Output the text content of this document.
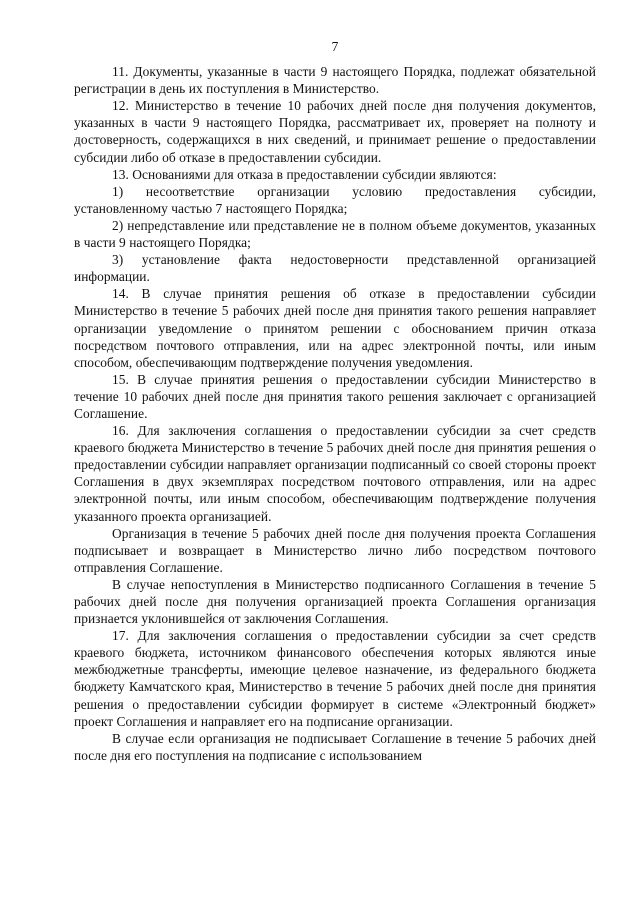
7

11. Документы, указанные в части 9 настоящего Порядка, подлежат обязательной регистрации в день их поступления в Министерство.

12. Министерство в течение 10 рабочих дней после дня получения документов, указанных в части 9 настоящего Порядка, рассматривает их, проверяет на полноту и достоверность, содержащихся в них сведений, и принимает решение о предоставлении субсидии либо об отказе в предоставлении субсидии.

13. Основаниями для отказа в предоставлении субсидии являются:

1) несоответствие организации условию предоставления субсидии, установленному частью 7 настоящего Порядка;

2) непредставление или представление не в полном объеме документов, указанных в части 9 настоящего Порядка;

3) установление факта недостоверности представленной организацией информации.

14. В случае принятия решения об отказе в предоставлении субсидии Министерство в течение 5 рабочих дней после дня принятия такого решения направляет организации уведомление о принятом решении с обоснованием причин отказа посредством почтового отправления, или на адрес электронной почты, или иным способом, обеспечивающим подтверждение получения уведомления.

15. В случае принятия решения о предоставлении субсидии Министерство в течение 10 рабочих дней после дня принятия такого решения заключает с организацией Соглашение.

16. Для заключения соглашения о предоставлении субсидии за счет средств краевого бюджета Министерство в течение 5 рабочих дней после дня принятия решения о предоставлении субсидии направляет организации подписанный со своей стороны проект Соглашения в двух экземплярах посредством почтового отправления, или на адрес электронной почты, или иным способом, обеспечивающим подтверждение получения указанного проекта организацией.

Организация в течение 5 рабочих дней после дня получения проекта Соглашения подписывает и возвращает в Министерство лично либо посредством почтового отправления Соглашение.

В случае непоступления в Министерство подписанного Соглашения в течение 5 рабочих дней после дня получения организацией проекта Соглашения организация признается уклонившейся от заключения Соглашения.

17. Для заключения соглашения о предоставлении субсидии за счет средств краевого бюджета, источником финансового обеспечения которых являются иные межбюджетные трансферты, имеющие целевое назначение, из федерального бюджета бюджету Камчатского края, Министерство в течение 5 рабочих дней после дня принятия решения о предоставлении субсидии формирует в системе «Электронный бюджет» проект Соглашения и направляет его на подписание организации.

В случае если организация не подписывает Соглашение в течение 5 рабочих дней после дня его поступления на подписание с использованием
